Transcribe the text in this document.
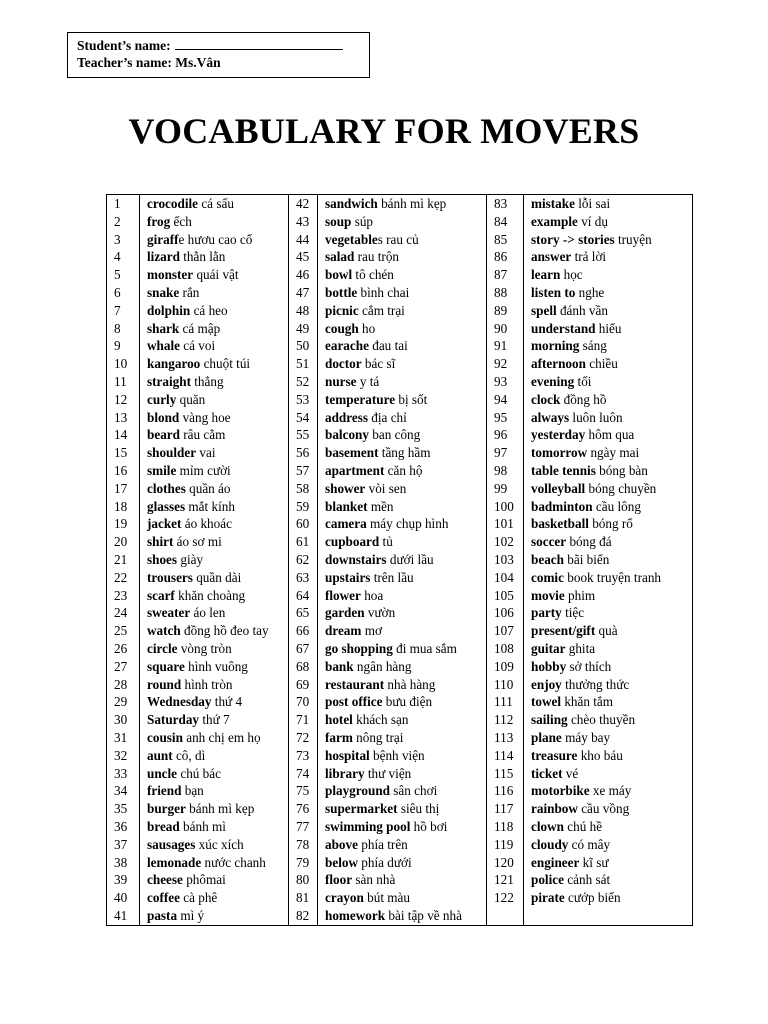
Student’s name:
Teacher’s name: Ms.Vân
VOCABULARY FOR MOVERS
1	crocodile cá sấu	42	sandwich bánh mì kẹp	83	mistake lỗi sai
2	frog ếch	43	soup súp	84	example ví dụ
3	giraffe hươu cao cổ	44	vegetables rau củ	85	story -> stories truyện
4	lizard thằn lằn	45	salad rau trộn	86	answer trả lời
5	monster quái vật	46	bowl tô chén	87	learn học
6	snake rắn	47	bottle bình chai	88	listen to nghe
7	dolphin cá heo	48	picnic cắm trại	89	spell đánh vần
8	shark cá mập	49	cough ho	90	understand hiểu
9	whale cá voi	50	earache đau tai	91	morning sáng
10	kangaroo chuột túi	51	doctor bác sĩ	92	afternoon chiều
11	straight thẳng	52	nurse y tá	93	evening tối
12	curly quăn	53	temperature bị sốt	94	clock đồng hồ
13	blond vàng hoe	54	address địa chỉ	95	always luôn luôn
14	beard râu cằm	55	balcony ban công	96	yesterday hôm qua
15	shoulder vai	56	basement tầng hầm	97	tomorrow ngày mai
16	smile mỉm cười	57	apartment căn hộ	98	table tennis bóng bàn
17	clothes quần áo	58	shower vòi sen	99	volleyball bóng chuyền
18	glasses mắt kính	59	blanket mền	100	badminton cầu lông
19	jacket áo khoác	60	camera máy chụp hình	101	basketball bóng rổ
20	shirt áo sơ mi	61	cupboard tủ	102	soccer bóng đá
21	shoes giày	62	downstairs dưới lầu	103	beach bãi biển
22	trousers quần dài	63	upstairs trên lầu	104	comic book truyện tranh
23	scarf khăn choàng	64	flower hoa	105	movie phim
24	sweater áo len	65	garden vườn	106	party tiệc
25	watch đồng hồ đeo tay	66	dream mơ	107	present/gift quà
26	circle vòng tròn	67	go shopping đi mua sắm	108	guitar ghita
27	square hình vuông	68	bank ngân hàng	109	hobby sở thích
28	round hình tròn	69	restaurant nhà hàng	110	enjoy thưởng thức
29	Wednesday thứ 4	70	post office bưu điện	111	towel khăn tắm
30	Saturday thứ 7	71	hotel khách sạn	112	sailing chèo thuyền
31	cousin anh chị em họ	72	farm nông trại	113	plane máy bay
32	aunt cô, dì	73	hospital bệnh viện	114	treasure kho báu
33	uncle chú bác	74	library thư viện	115	ticket vé
34	friend bạn	75	playground sân chơi	116	motorbike xe máy
35	burger bánh mì kẹp	76	supermarket siêu thị	117	rainbow cầu vồng
36	bread bánh mì	77	swimming pool hồ bơi	118	clown chú hề
37	sausages xúc xích	78	above phía trên	119	cloudy có mây
38	lemonade nước chanh	79	below phía dưới	120	engineer kĩ sư
39	cheese phômai	80	floor sàn nhà	121	police cảnh sát
40	coffee cà phê	81	crayon bút màu	122	pirate cướp biển
41	pasta mì ý	82	homework bài tập về nhà		
